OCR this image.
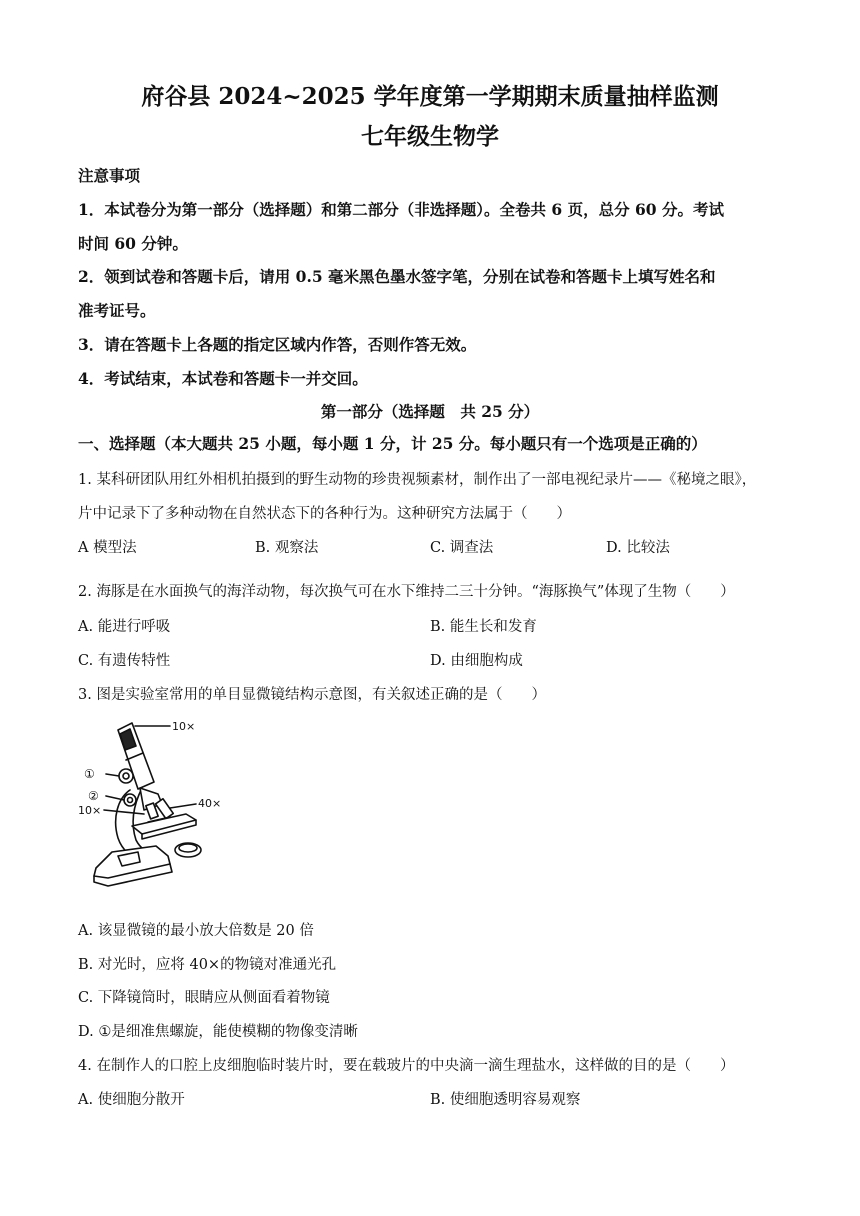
府谷县 2024~2025 学年度第一学期期末质量抽样监测
七年级生物学
注意事项
1．本试卷分为第一部分（选择题）和第二部分（非选择题）。全卷共 6 页，总分 60 分。考试
时间 60 分钟。
2．领到试卷和答题卡后，请用 0.5 毫米黑色墨水签字笔，分别在试卷和答题卡上填写姓名和
准考证号。
3．请在答题卡上各题的指定区域内作答，否则作答无效。
4．考试结束，本试卷和答题卡一并交回。
第一部分（选择题　共 25 分）
一、选择题（本大题共 25 小题，每小题 1 分，计 25 分。每小题只有一个选项是正确的）
1. 某科研团队用红外相机拍摄到的野生动物的珍贵视频素材，制作出了一部电视纪录片——《秘境之眼》，
片中记录下了多种动物在自然状态下的各种行为。这种研究方法属于（　　）
A 模型法	B. 观察法	C. 调查法	D. 比较法
2. 海豚是在水面换气的海洋动物，每次换气可在水下维持二三十分钟。“海豚换气”体现了生物（　　）
A. 能进行呼吸	B. 能生长和发育
C. 有遗传特性	D. 由细胞构成
3. 图是实验室常用的单目显微镜结构示意图，有关叙述正确的是（　　）
10×
①
②
10×
40×
A. 该显微镜的最小放大倍数是 20 倍
B. 对光时，应将 40×的物镜对准通光孔
C. 下降镜筒时，眼睛应从侧面看着物镜
D. ①是细准焦螺旋，能使模糊的物像变清晰
4. 在制作人的口腔上皮细胞临时装片时，要在载玻片的中央滴一滴生理盐水，这样做的目的是（　　）
A. 使细胞分散开	B. 使细胞透明容易观察
